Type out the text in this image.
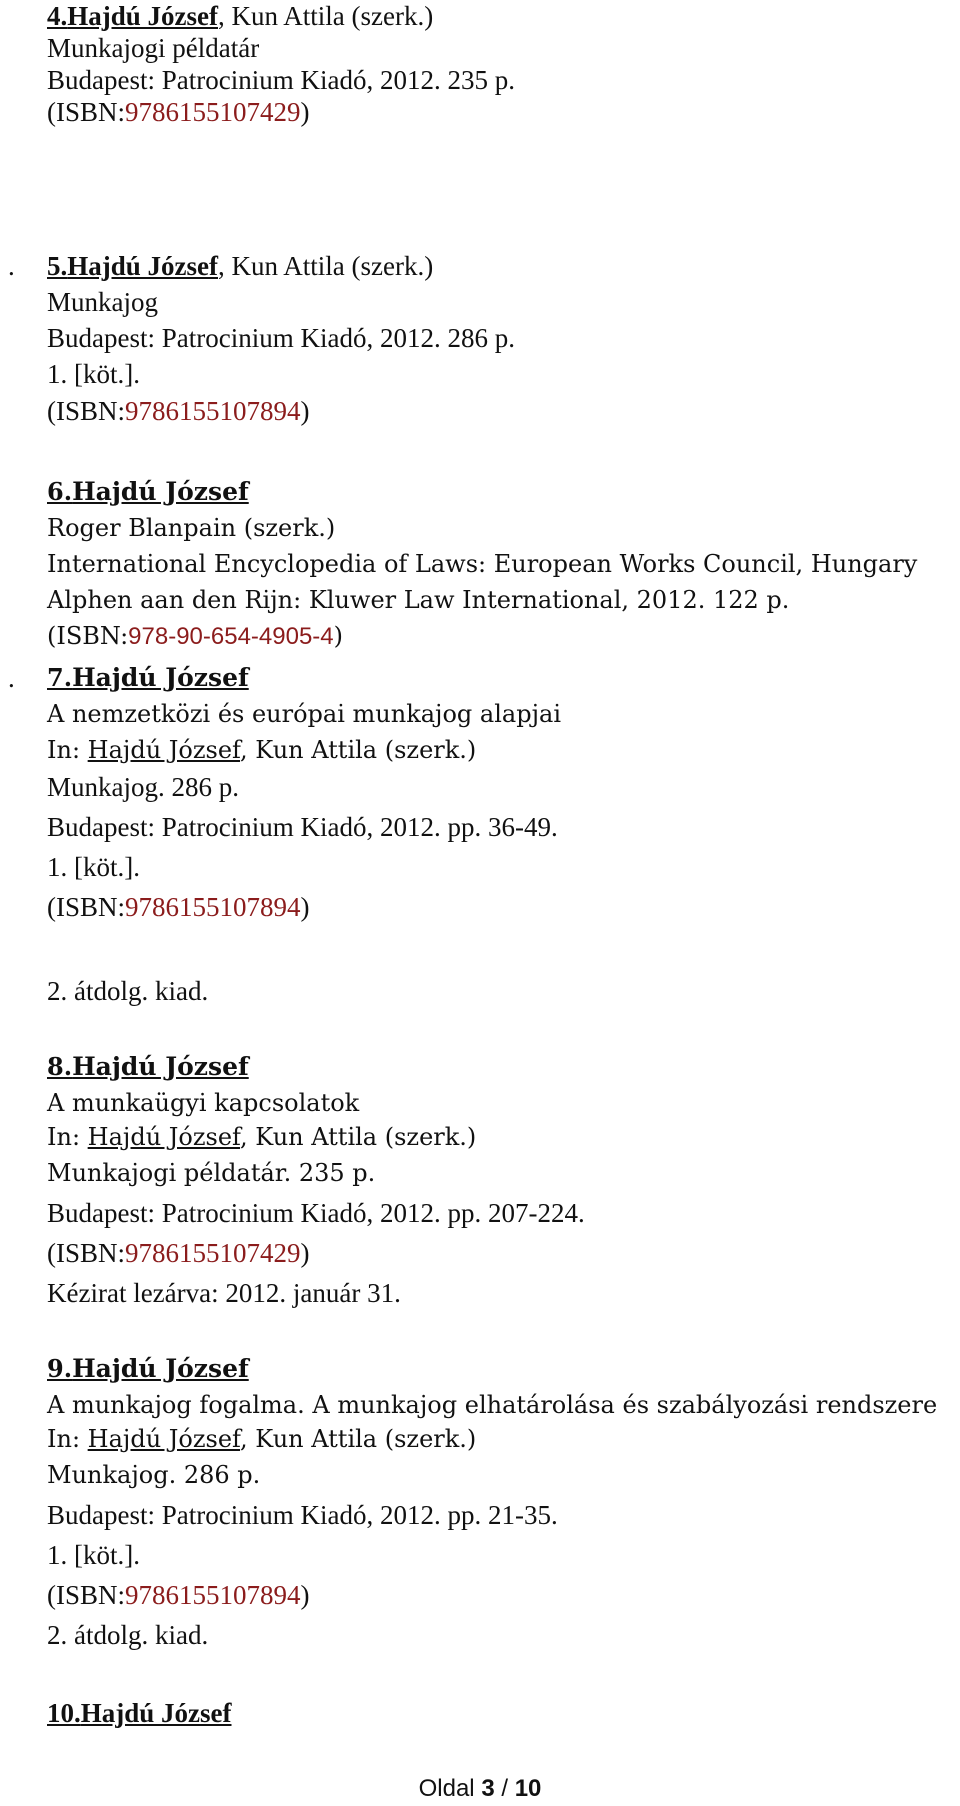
4.Hajdú József, Kun Attila (szerk.)
Munkajogi példatár
Budapest: Patrocinium Kiadó, 2012. 235 p.
(ISBN:9786155107429)
. 5.Hajdú József, Kun Attila (szerk.)
Munkajog
Budapest: Patrocinium Kiadó, 2012. 286 p.
1. [köt.].
(ISBN:9786155107894)
6.Hajdú József
Roger Blanpain (szerk.)
International Encyclopedia of Laws: European Works Council, Hungary
Alphen aan den Rijn: Kluwer Law International, 2012. 122 p.
(ISBN:978-90-654-4905-4)
. 7.Hajdú József
A nemzetközi és európai munkajog alapjai
In: Hajdú József, Kun Attila (szerk.)
Munkajog. 286 p.
Budapest: Patrocinium Kiadó, 2012. pp. 36-49.
1. [köt.].
(ISBN:9786155107894)
2. átdolg. kiad.
8.Hajdú József
A munkaügyi kapcsolatok
In: Hajdú József, Kun Attila (szerk.)
Munkajogi példatár. 235 p.
Budapest: Patrocinium Kiadó, 2012. pp. 207-224.
(ISBN:9786155107429)
Kézirat lezárva: 2012. január 31.
9.Hajdú József
A munkajog fogalma. A munkajog elhatárolása és szabályozási rendszere
In: Hajdú József, Kun Attila (szerk.)
Munkajog. 286 p.
Budapest: Patrocinium Kiadó, 2012. pp. 21-35.
1. [köt.].
(ISBN:9786155107894)
2. átdolg. kiad.
10.Hajdú József
Oldal 3 / 10
